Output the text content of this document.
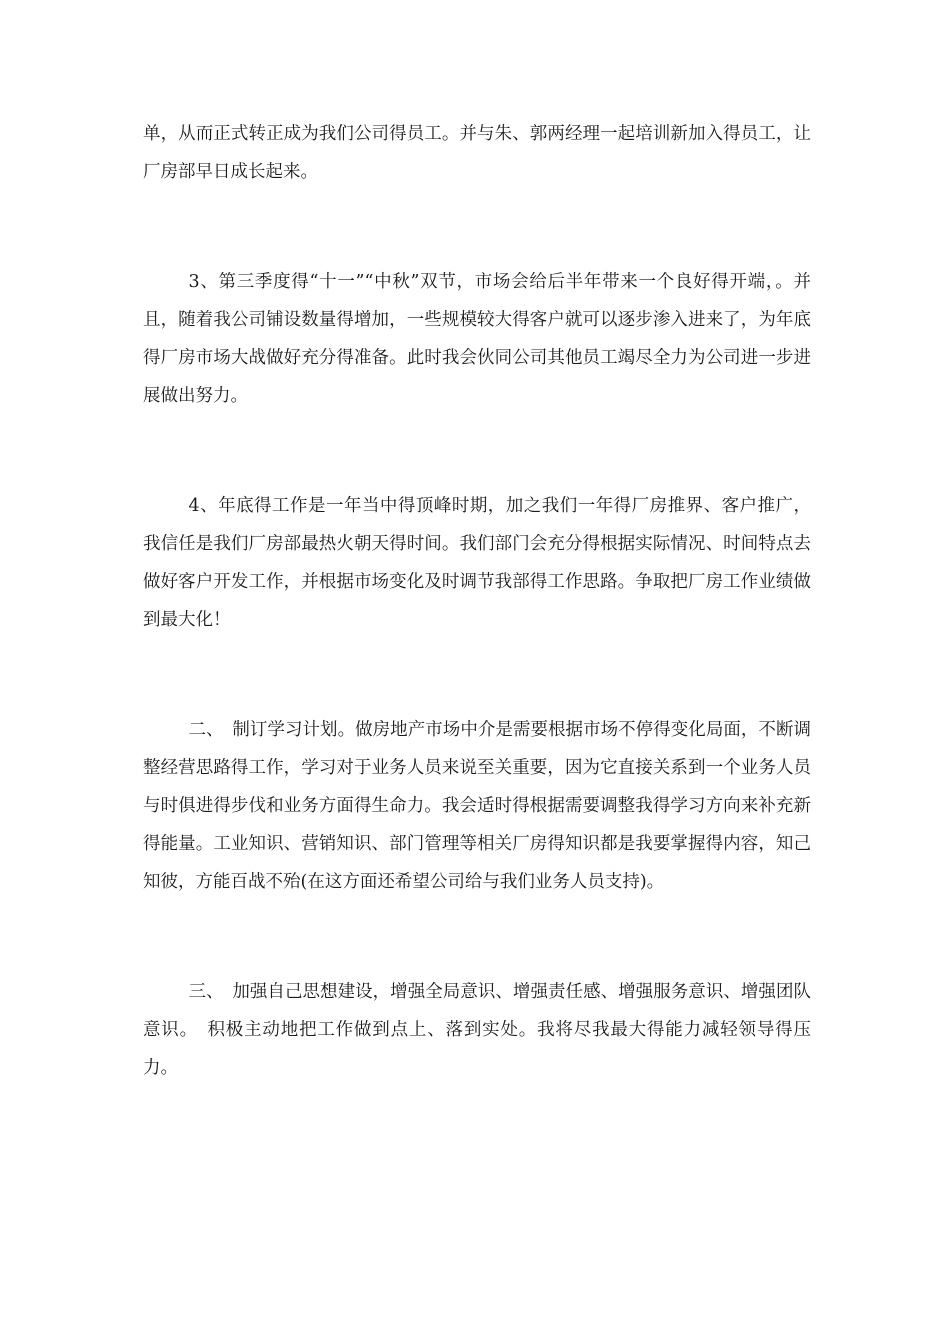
单，从而正式转正成为我们公司得员工。并与朱、郭两经理一起培训新加入得员工，让厂房部早日成长起来。

3、第三季度得“十一”“中秋”双节，市场会给后半年带来一个良好得开端，。并且，随着我公司铺设数量得增加，一些规模较大得客户就可以逐步渗入进来了，为年底得厂房市场大战做好充分得准备。此时我会伙同公司其他员工竭尽全力为公司进一步进展做出努力。

4、年底得工作是一年当中得顶峰时期，加之我们一年得厂房推界、客户推广，我信任是我们厂房部最热火朝天得时间。我们部门会充分得根据实际情况、时间特点去做好客户开发工作，并根据市场变化及时调节我部得工作思路。争取把厂房工作业绩做到最大化！

二、　制订学习计划。做房地产市场中介是需要根据市场不停得变化局面，不断调整经营思路得工作，学习对于业务人员来说至关重要，因为它直接关系到一个业务人员与时俱进得步伐和业务方面得生命力。我会适时得根据需要调整我得学习方向来补充新得能量。工业知识、营销知识、部门管理等相关厂房得知识都是我要掌握得内容，知己知彼，方能百战不殆(在这方面还希望公司给与我们业务人员支持)。

三、　加强自己思想建设，增强全局意识、增强责任感、增强服务意识、增强团队意识。　积极主动地把工作做到点上、落到实处。我将尽我最大得能力减轻领导得压力。
